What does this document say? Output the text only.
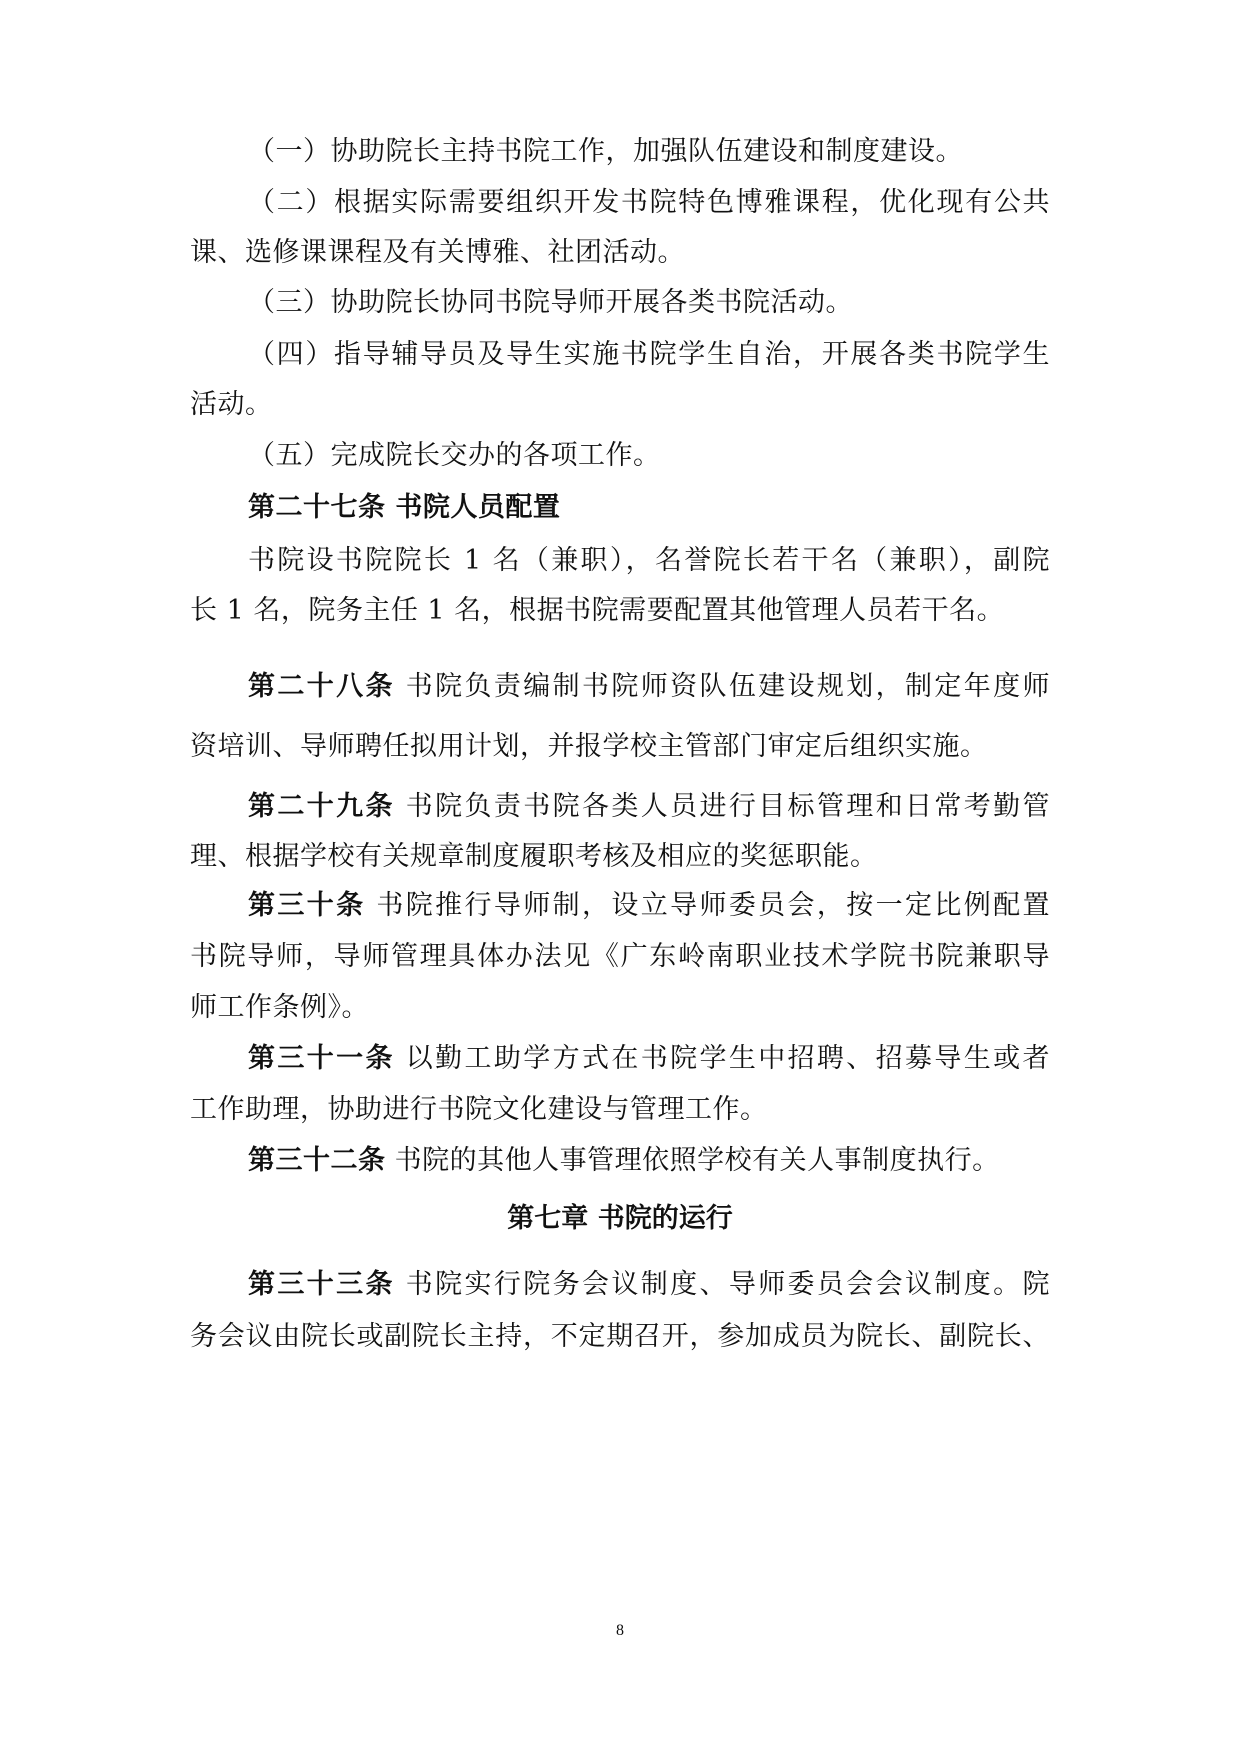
（一）协助院长主持书院工作，加强队伍建设和制度建设。
（二）根据实际需要组织开发书院特色博雅课程，优化现有公共
课、选修课课程及有关博雅、社团活动。
（三）协助院长协同书院导师开展各类书院活动。
（四）指导辅导员及导生实施书院学生自治，开展各类书院学生
活动。
（五）完成院长交办的各项工作。
第二十七条 书院人员配置
书院设书院院长 1 名（兼职），名誉院长若干名（兼职），副院
长 1 名，院务主任 1 名，根据书院需要配置其他管理人员若干名。
第二十八条 书院负责编制书院师资队伍建设规划，制定年度师
资培训、导师聘任拟用计划，并报学校主管部门审定后组织实施。
第二十九条 书院负责书院各类人员进行目标管理和日常考勤管
理、根据学校有关规章制度履职考核及相应的奖惩职能。
第三十条 书院推行导师制，设立导师委员会，按一定比例配置
书院导师，导师管理具体办法见《广东岭南职业技术学院书院兼职导
师工作条例》。
第三十一条 以勤工助学方式在书院学生中招聘、招募导生或者
工作助理，协助进行书院文化建设与管理工作。
第三十二条 书院的其他人事管理依照学校有关人事制度执行。
第七章 书院的运行
第三十三条 书院实行院务会议制度、导师委员会会议制度。院
务会议由院长或副院长主持，不定期召开，参加成员为院长、副院长、
8
